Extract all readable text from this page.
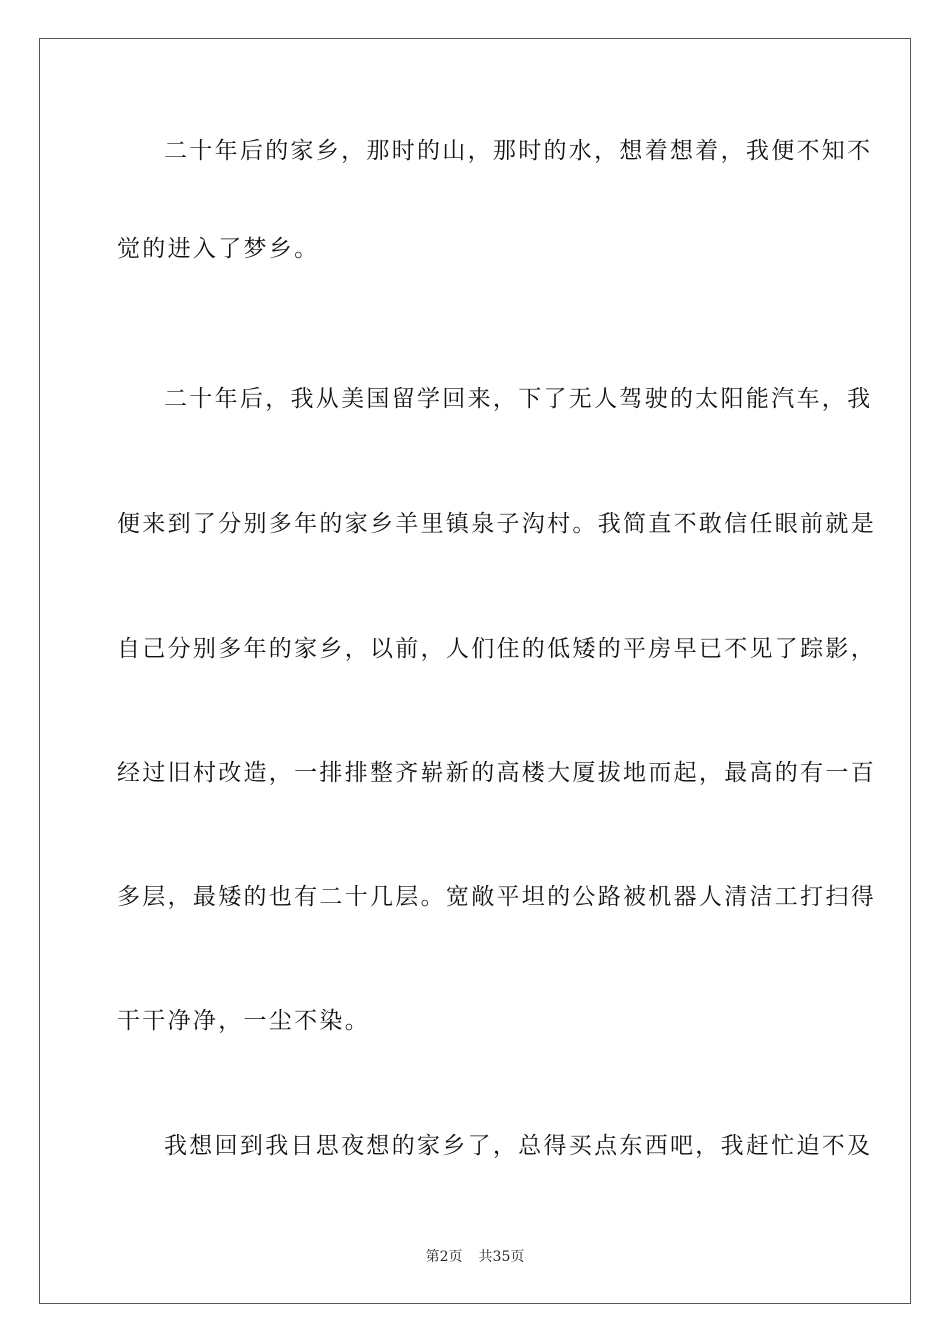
二十年后的家乡，那时的山，那时的水，想着想着，我便不知不
觉的进入了梦乡。
二十年后，我从美国留学回来，下了无人驾驶的太阳能汽车，我
便来到了分别多年的家乡羊里镇泉子沟村。我简直不敢信任眼前就是
自己分别多年的家乡，以前，人们住的低矮的平房早已不见了踪影，
经过旧村改造，一排排整齐崭新的高楼大厦拔地而起，最高的有一百
多层，最矮的也有二十几层。宽敞平坦的公路被机器人清洁工打扫得
干干净净，一尘不染。
我想回到我日思夜想的家乡了，总得买点东西吧，我赶忙迫不及
第2页 共35页
